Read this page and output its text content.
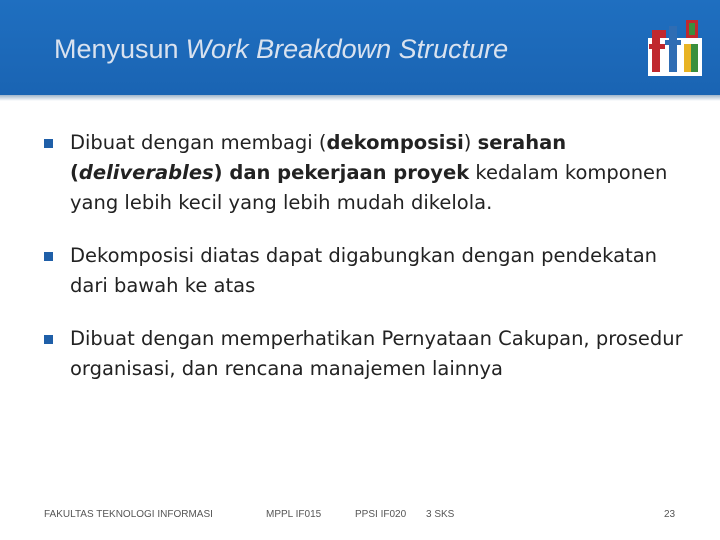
Menyusun Work Breakdown Structure
Dibuat dengan membagi (dekomposisi) serahan
(deliverables) dan pekerjaan proyek kedalam komponen yang lebih kecil yang lebih mudah dikelola.
Dekomposisi diatas dapat digabungkan dengan pendekatan dari bawah ke atas
Dibuat dengan memperhatikan Pernyataan Cakupan, prosedur organisasi, dan rencana manajemen lainnya
FAKULTAS TEKNOLOGI INFORMASI	MPPL IF015	PPSI IF020 3 SKS	23
